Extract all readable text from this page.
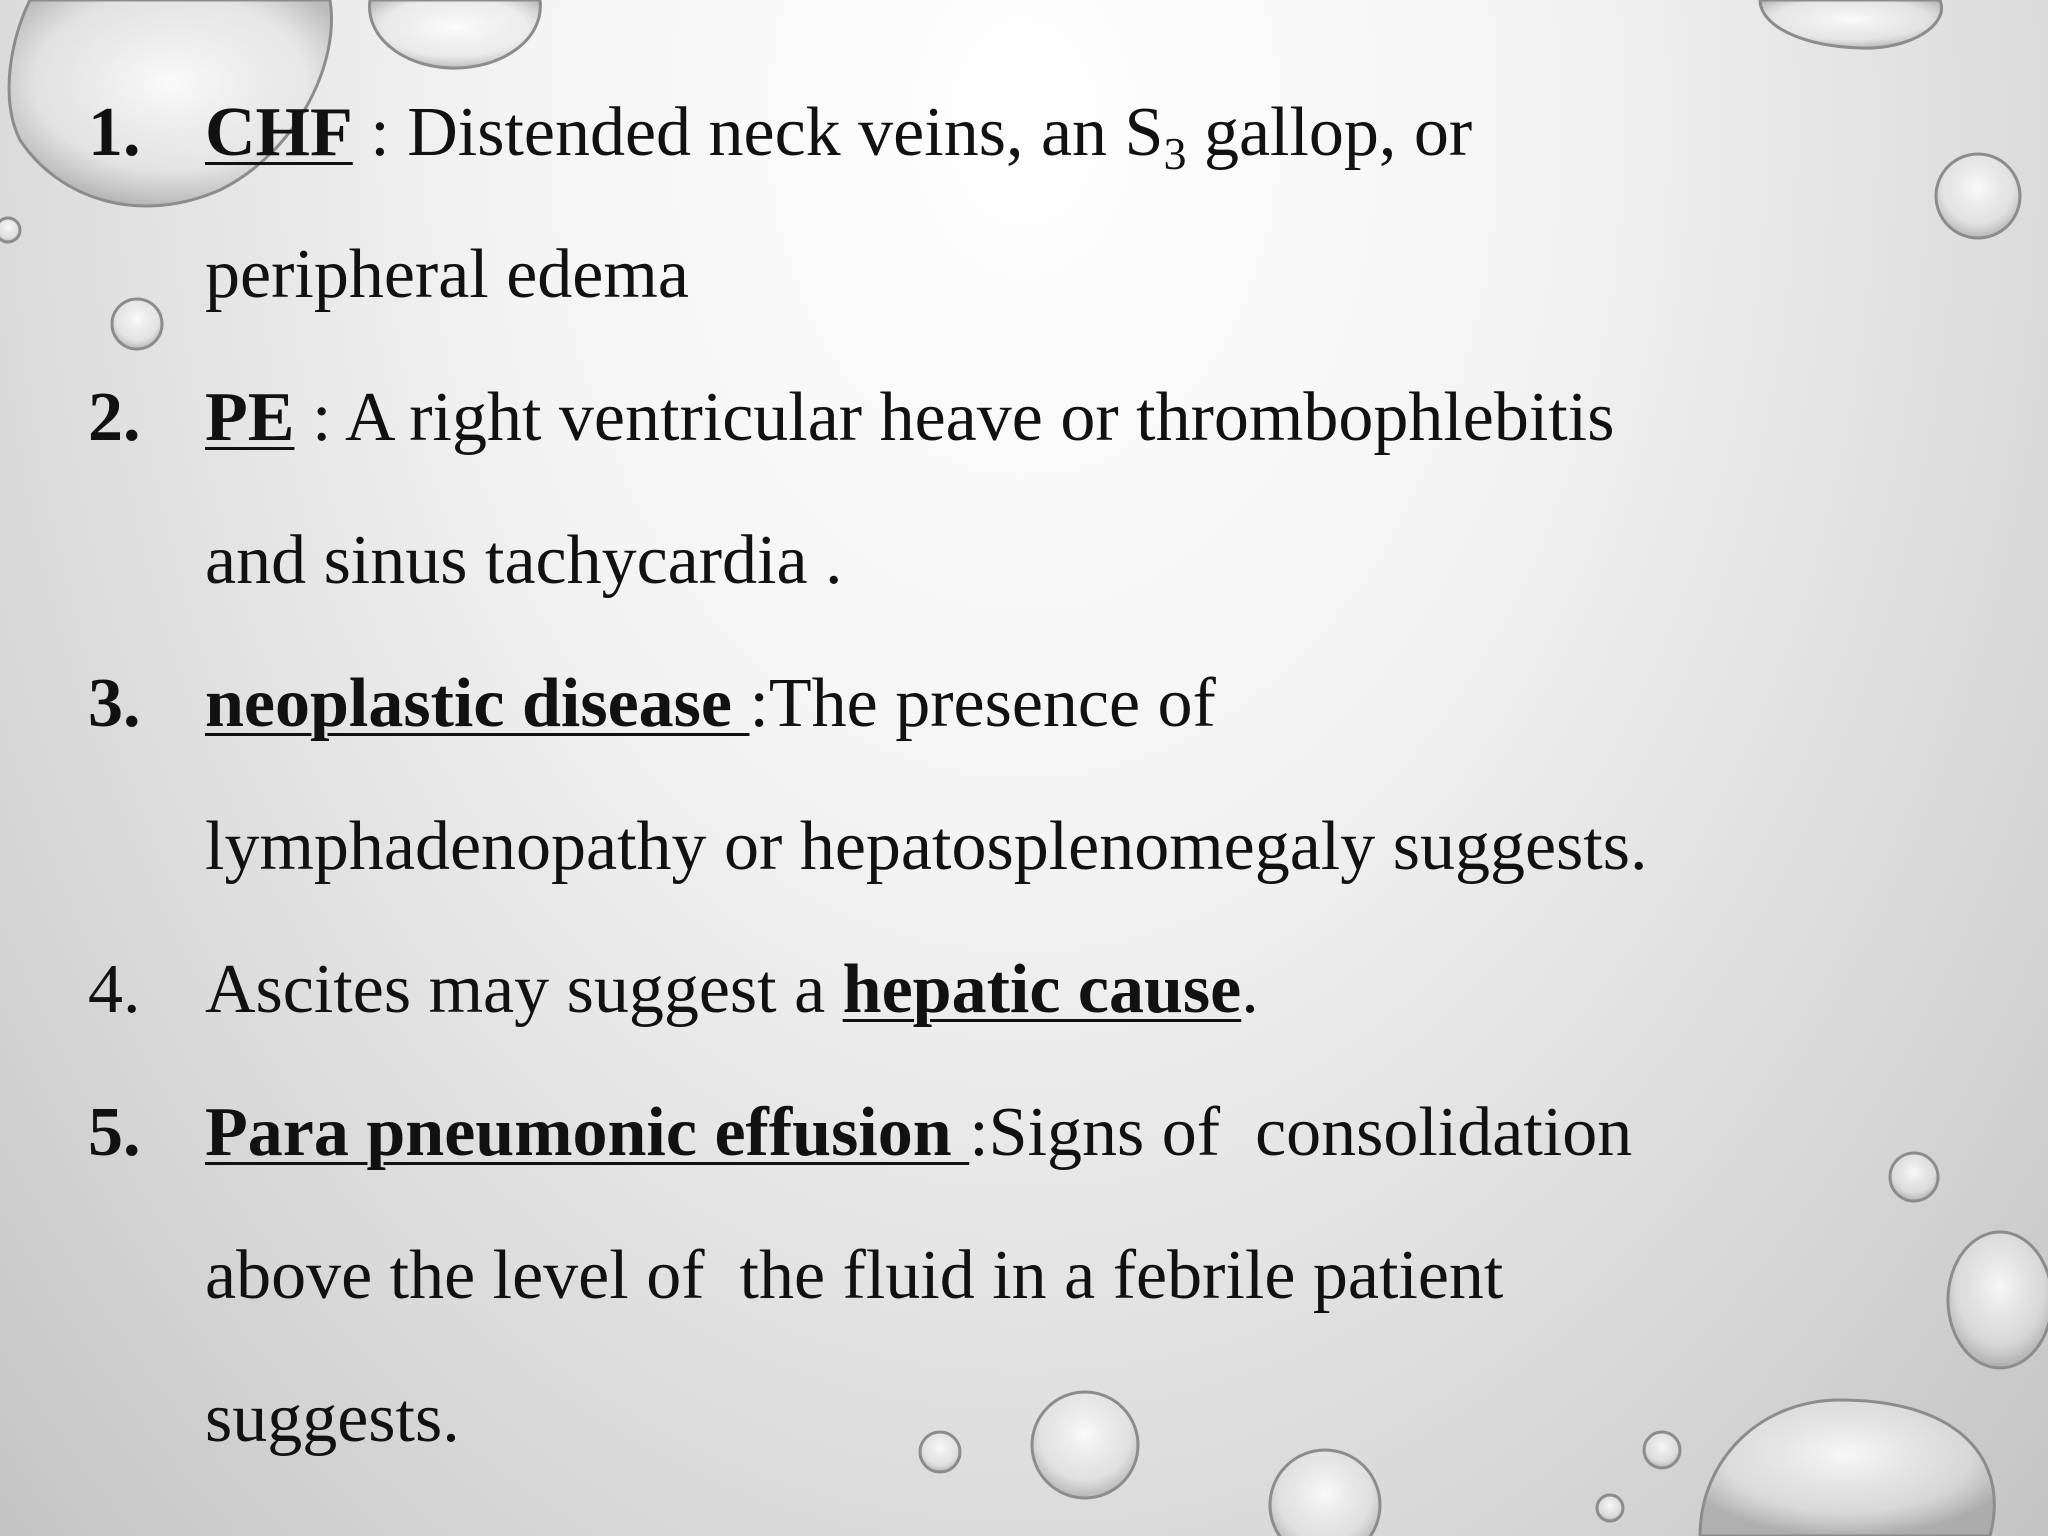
1. CHF : Distended neck veins, an $S_3$ gallop, or
peripheral edema
2. PE : A right ventricular heave or thrombophlebitis
and sinus tachycardia .
3. neoplastic disease :The presence of
lymphadenopathy or hepatosplenomegaly suggests.
4. Ascites may suggest a hepatic cause.
5. Para pneumonic effusion :Signs of  consolidation
above the level of  the fluid in a febrile patient
suggests.
